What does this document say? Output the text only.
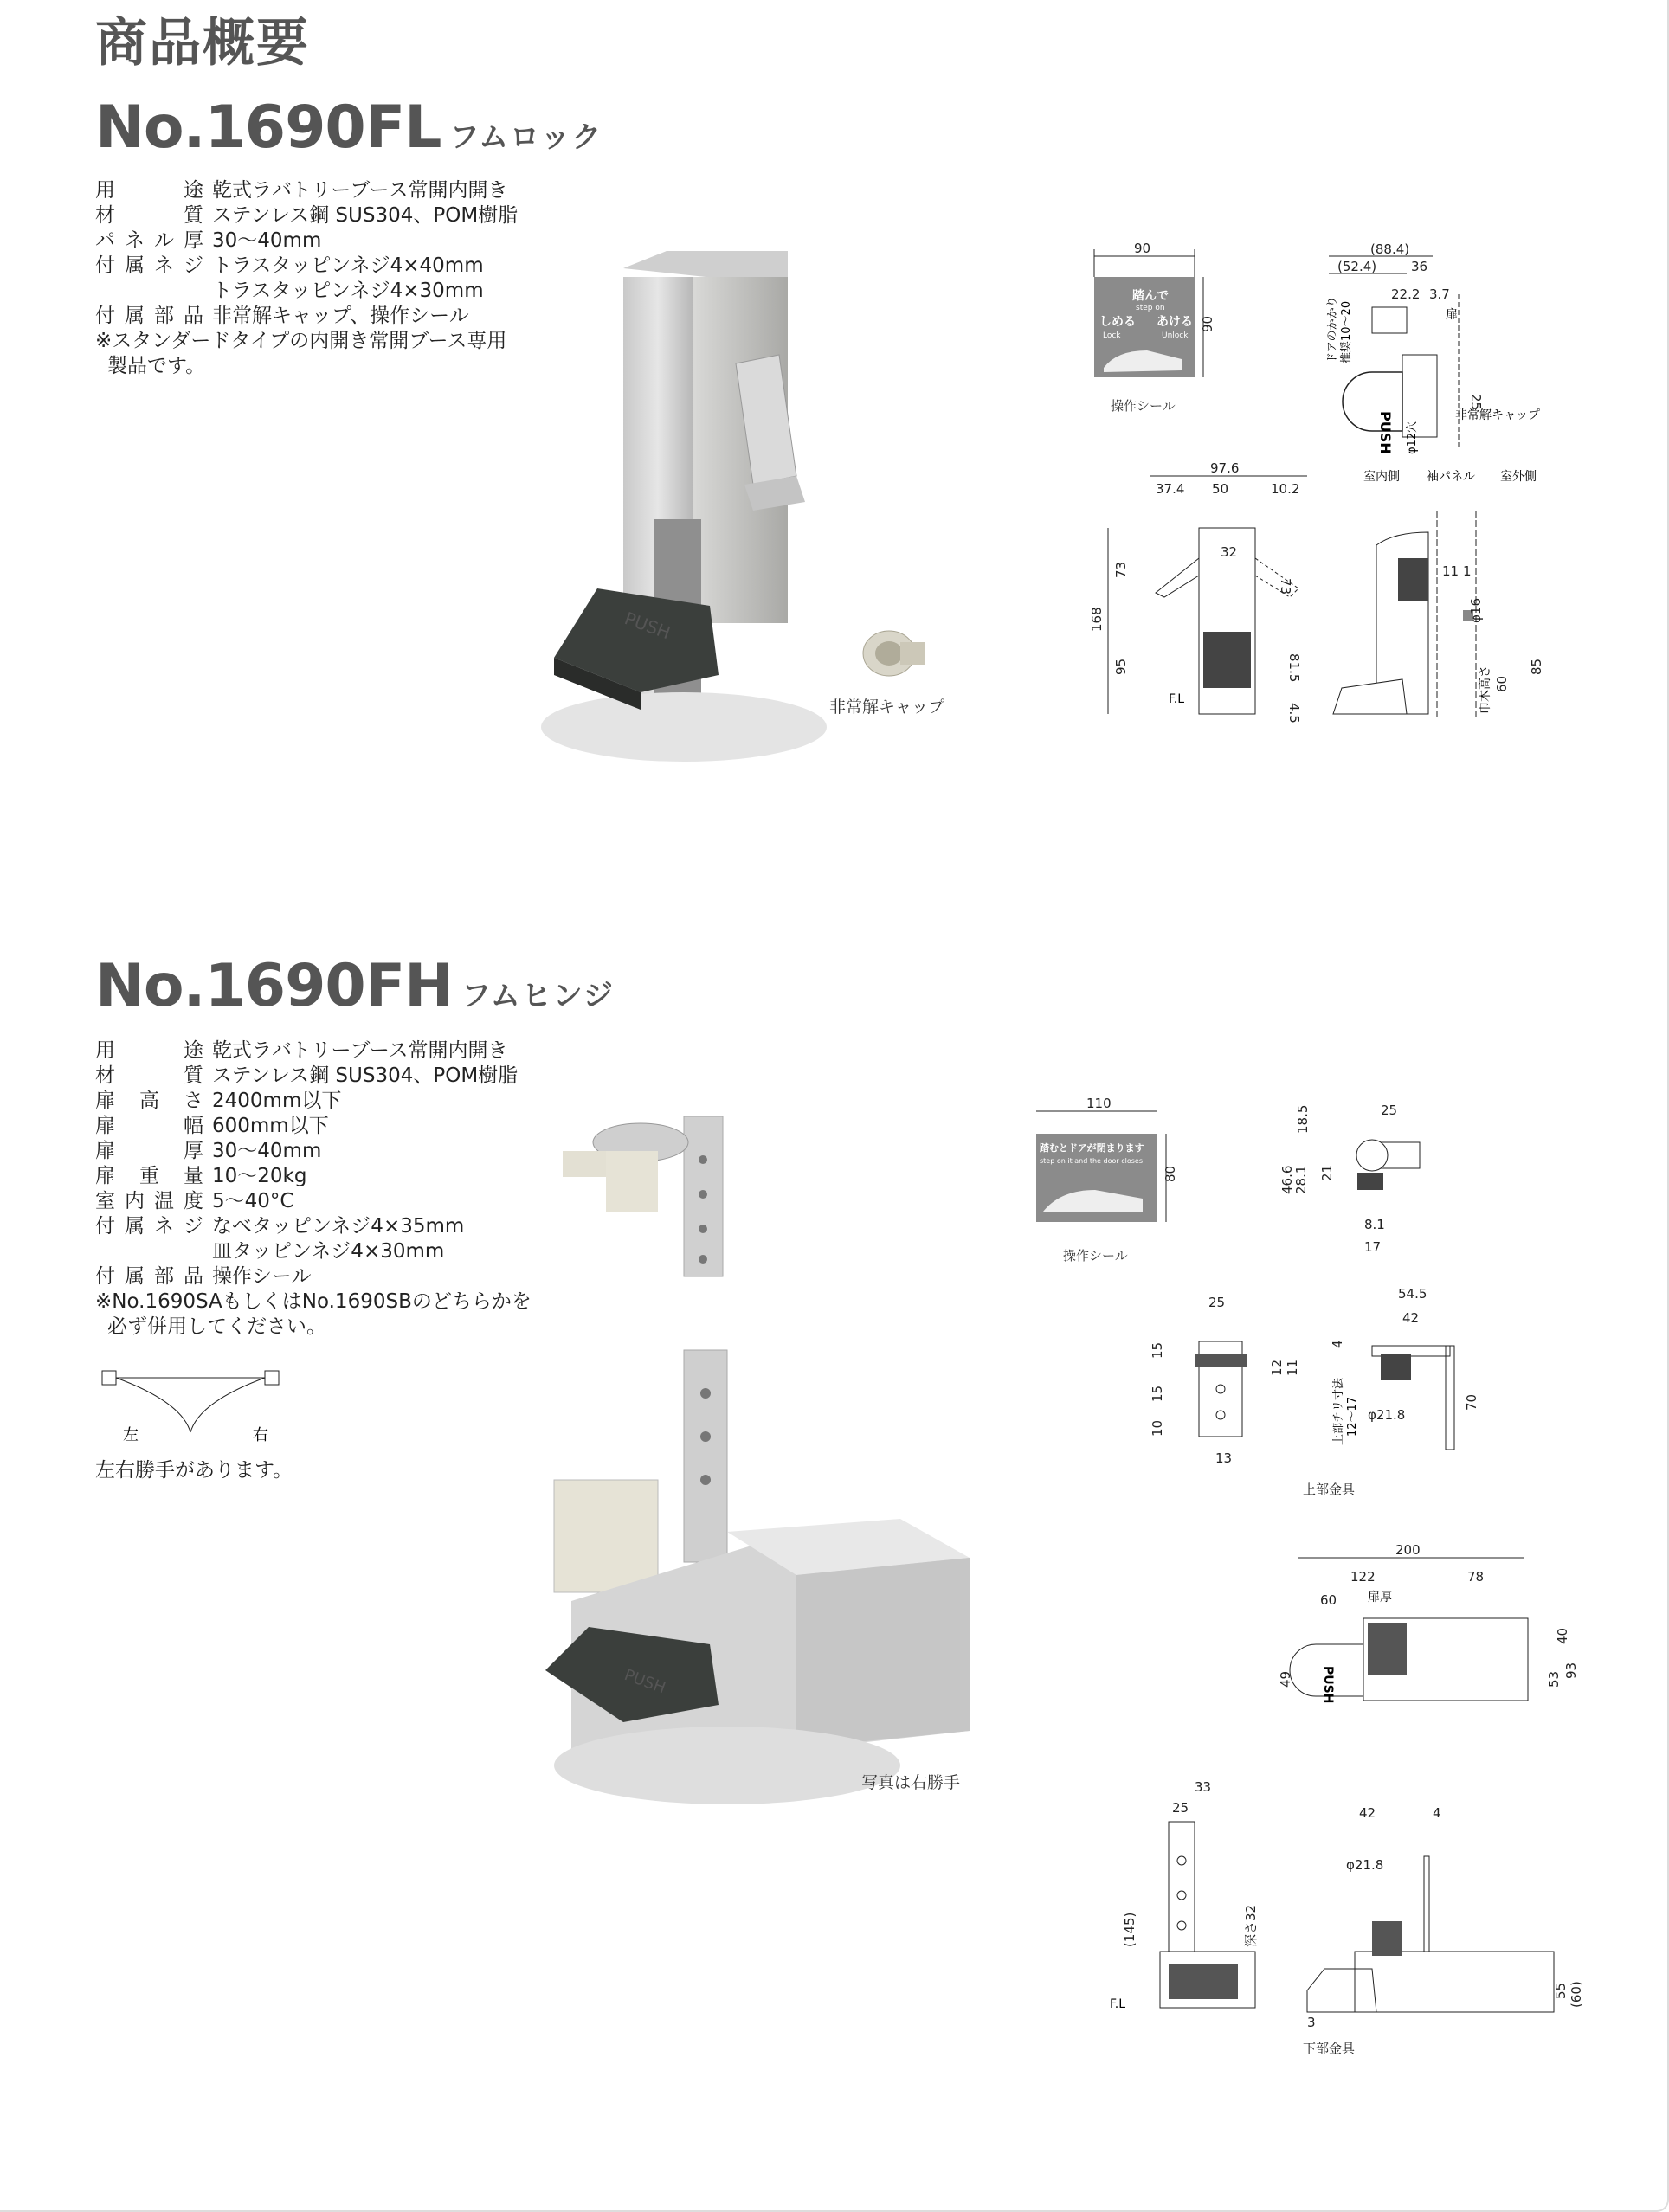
商品概要
No.1690FL フムロック
用　　途 乾式ラバトリーブース常開内開き
材　　質 ステンレス鋼 SUS304、POM樹脂
パネル厚 30〜40mm
付属ネジ トラスタッピンネジ4×40mm
トラスタッピンネジ4×30mm
付属部品 非常解キャップ、操作シール
※スタンダードタイプの内開き常開ブース専用
製品です。
PUSH
非常解キャップ
90
踏んで
step on
しめる あける
Lock	Unlock
90
操作シール
(88.4)
(52.4)	36
22.2 3.7
扉
ドアのかかり 推奨10〜20
PUSH
25
非常解キャップ
φ12穴
室内側 袖パネル 室外側
97.6
37.4 50	10.2
168
73
95
32
73
81.5
4.5
F.L
11 1
φ16
巾木高さ 60
85
No.1690FH フムヒンジ
用　　途 乾式ラバトリーブース常開内開き
材　　質 ステンレス鋼 SUS304、POM樹脂
扉 高 さ 2400mm以下
扉　　幅 600mm以下
扉　　厚 30〜40mm
扉 重 量 10〜20kg
室内温度 5〜40°C
付属ネジ なべタッピンネジ4×35mm
皿タッピンネジ4×30mm
付属部品 操作シール
※No.1690SAもしくはNo.1690SBのどちらかを
必ず併用してください。
左	右
左右勝手があります。
PUSH
写真は右勝手
110
踏むとドアが閉まります
step on it and the door closes
80
操作シール
25
18.5
46.6
28.1 21
8.1
17
25
15
15
10
12 11
13
54.5
42
4
上部チリ寸法 12〜17	70
φ21.8
上部金具
200
122	78
60	扉厚
PUSH
49
40
53
93
33
25
(145)	深さ32
F.L
42	4
φ21.8
3
55 (60)
下部金具
